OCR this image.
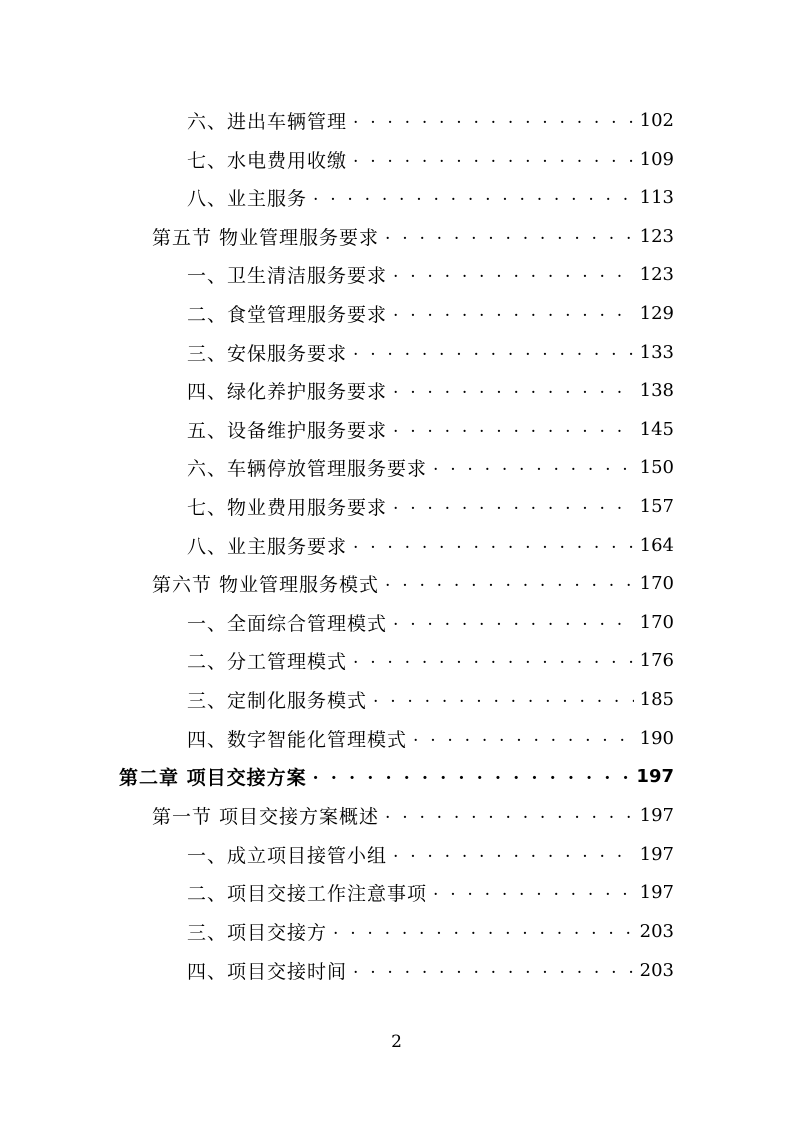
六、进出车辆管理 . . .	102
七、水电费用收缴 . . .	109
八、业主服务 . . .	113
第五节 物业管理服务要求 . . .	123
一、卫生清洁服务要求 . . .	123
二、食堂管理服务要求 . . .	129
三、安保服务要求 . . .	133
四、绿化养护服务要求 . . .	138
五、设备维护服务要求 . . .	145
六、车辆停放管理服务要求 . . .	150
七、物业费用服务要求 . . .	157
八、业主服务要求 . . .	164
第六节 物业管理服务模式 . . .	170
一、全面综合管理模式 . . .	170
二、分工管理模式 . . .	176
三、定制化服务模式 . . .	185
四、数字智能化管理模式 . . .	190
第二章 项目交接方案 . . .	197
第一节 项目交接方案概述 . . .	197
一、成立项目接管小组 . . .	197
二、项目交接工作注意事项 . . .	197
三、项目交接方 . . .	203
四、项目交接时间 . . .	203
2
